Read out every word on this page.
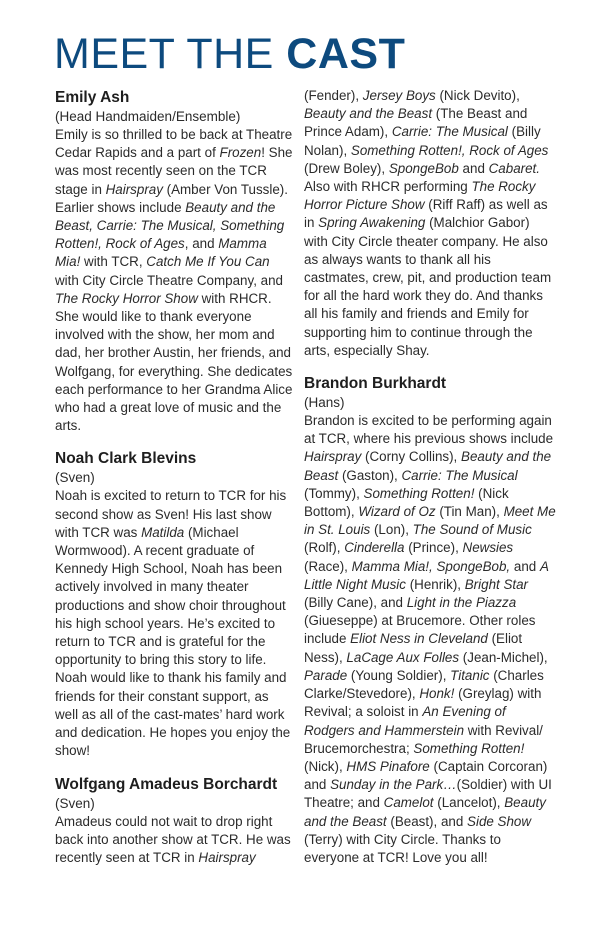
MEET THE CAST

Emily Ash

(Head Handmaiden/Ensemble)

Emily is so thrilled to be back at Theatre Cedar Rapids and a part of Frozen! She was most recently seen on the TCR stage in Hairspray (Amber Von Tussle). Earlier shows include Beauty and the Beast, Carrie: The Musical, Something Rotten!, Rock of Ages, and Mamma Mia! with TCR, Catch Me If You Can with City Circle Theatre Company, and The Rocky Horror Show with RHCR. She would like to thank everyone involved with the show, her mom and dad, her brother Austin, her friends, and Wolfgang, for everything. She dedicates each performance to her Grandma Alice who had a great love of music and the arts.

Noah Clark Blevins

(Sven)

Noah is excited to return to TCR for his second show as Sven! His last show with TCR was Matilda (Michael Wormwood). A recent graduate of Kennedy High School, Noah has been actively involved in many theater productions and show choir throughout his high school years. He’s excited to return to TCR and is grateful for the opportunity to bring this story to life. Noah would like to thank his family and friends for their constant support, as well as all of the cast-mates’ hard work and dedication. He hopes you enjoy the show!

Wolfgang Amadeus Borchardt

(Sven)

Amadeus could not wait to drop right back into another show at TCR. He was recently seen at TCR in Hairspray

(Fender), Jersey Boys (Nick Devito), Beauty and the Beast (The Beast and Prince Adam), Carrie: The Musical (Billy Nolan), Something Rotten!, Rock of Ages (Drew Boley), SpongeBob and Cabaret. Also with RHCR performing The Rocky Horror Picture Show (Riff Raff) as well as in Spring Awakening (Malchior Gabor) with City Circle theater company. He also as always wants to thank all his castmates, crew, pit, and production team for all the hard work they do. And thanks all his family and friends and Emily for supporting him to continue through the arts, especially Shay.

Brandon Burkhardt

(Hans)

Brandon is excited to be performing again at TCR, where his previous shows include Hairspray (Corny Collins), Beauty and the Beast (Gaston), Carrie: The Musical (Tommy), Something Rotten! (Nick Bottom), Wizard of Oz (Tin Man), Meet Me in St. Louis (Lon), The Sound of Music (Rolf), Cinderella (Prince), Newsies (Race), Mamma Mia!, SpongeBob, and A Little Night Music (Henrik), Bright Star (Billy Cane), and Light in the Piazza (Giueseppe) at Brucemore. Other roles include Eliot Ness in Cleveland (Eliot Ness), LaCage Aux Folles (Jean-Michel), Parade (Young Soldier), Titanic (Charles Clarke/Stevedore), Honk! (Greylag) with Revival; a soloist in An Evening of Rodgers and Hammerstein with Revival/ Brucemorchestra; Something Rotten! (Nick), HMS Pinafore (Captain Corcoran) and Sunday in the Park…(Soldier) with UI Theatre; and Camelot (Lancelot), Beauty and the Beast (Beast), and Side Show (Terry) with City Circle. Thanks to everyone at TCR! Love you all!
